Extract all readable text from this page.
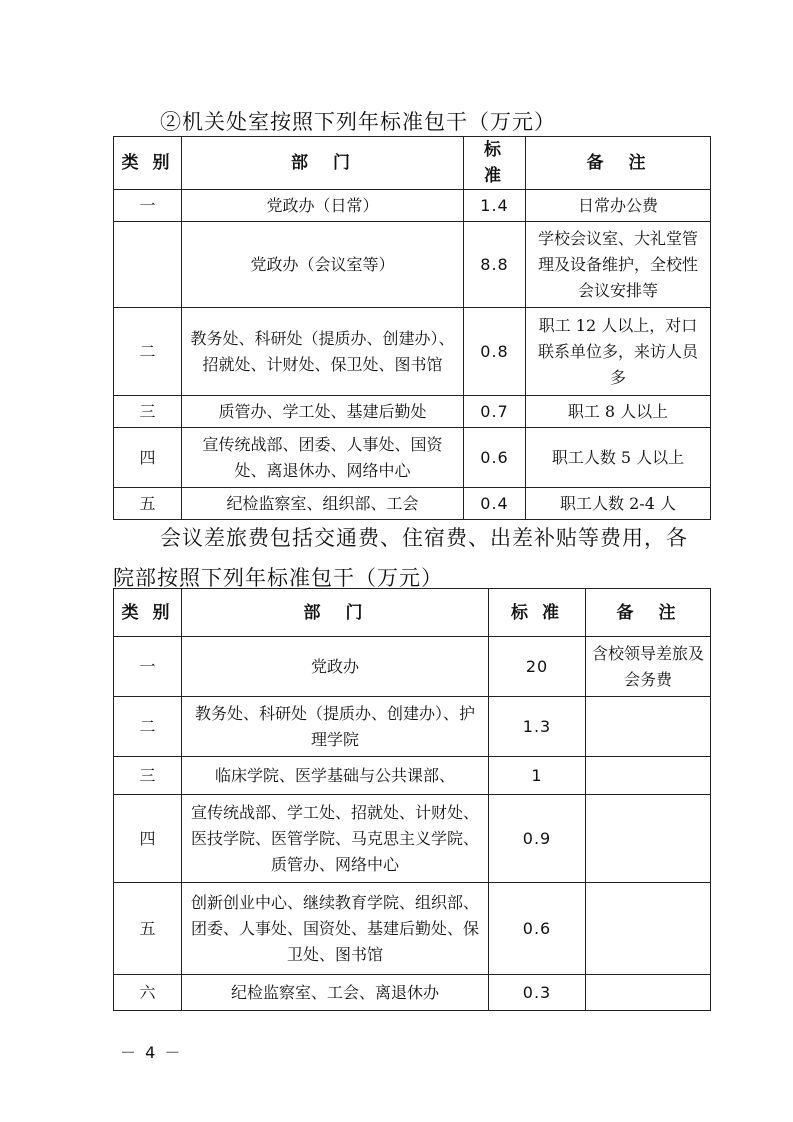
②机关处室按照下列年标准包干（万元）
类 别	部　门	标 准	备　注
一	党政办（日常）	1.4	日常办公费
	党政办（会议室等）	8.8	学校会议室、大礼堂管理及设备维护，全校性会议安排等
二	教务处、科研处（提质办、创建办）、招就处、计财处、保卫处、图书馆	0.8	职工 12 人以上，对口联系单位多，来访人员多
三	质管办、学工处、基建后勤处	0.7	职工 8 人以上
四	宣传统战部、团委、人事处、国资处、离退休办、网络中心	0.6	职工人数 5 人以上
五	纪检监察室、组织部、工会	0.4	职工人数 2-4 人
会议差旅费包括交通费、住宿费、出差补贴等费用，各
院部按照下列年标准包干（万元）
类 别	部　门	标 准	备　注
一	党政办	20	含校领导差旅及会务费
二	教务处、科研处（提质办、创建办）、护理学院	1.3	
三	临床学院、医学基础与公共课部、	1	
四	宣传统战部、学工处、招就处、计财处、医技学院、医管学院、马克思主义学院、质管办、网络中心	0.9	
五	创新创业中心、继续教育学院、组织部、团委、人事处、国资处、基建后勤处、保卫处、图书馆	0.6	
六	纪检监察室、工会、离退休办	0.3	
－ 4 －
